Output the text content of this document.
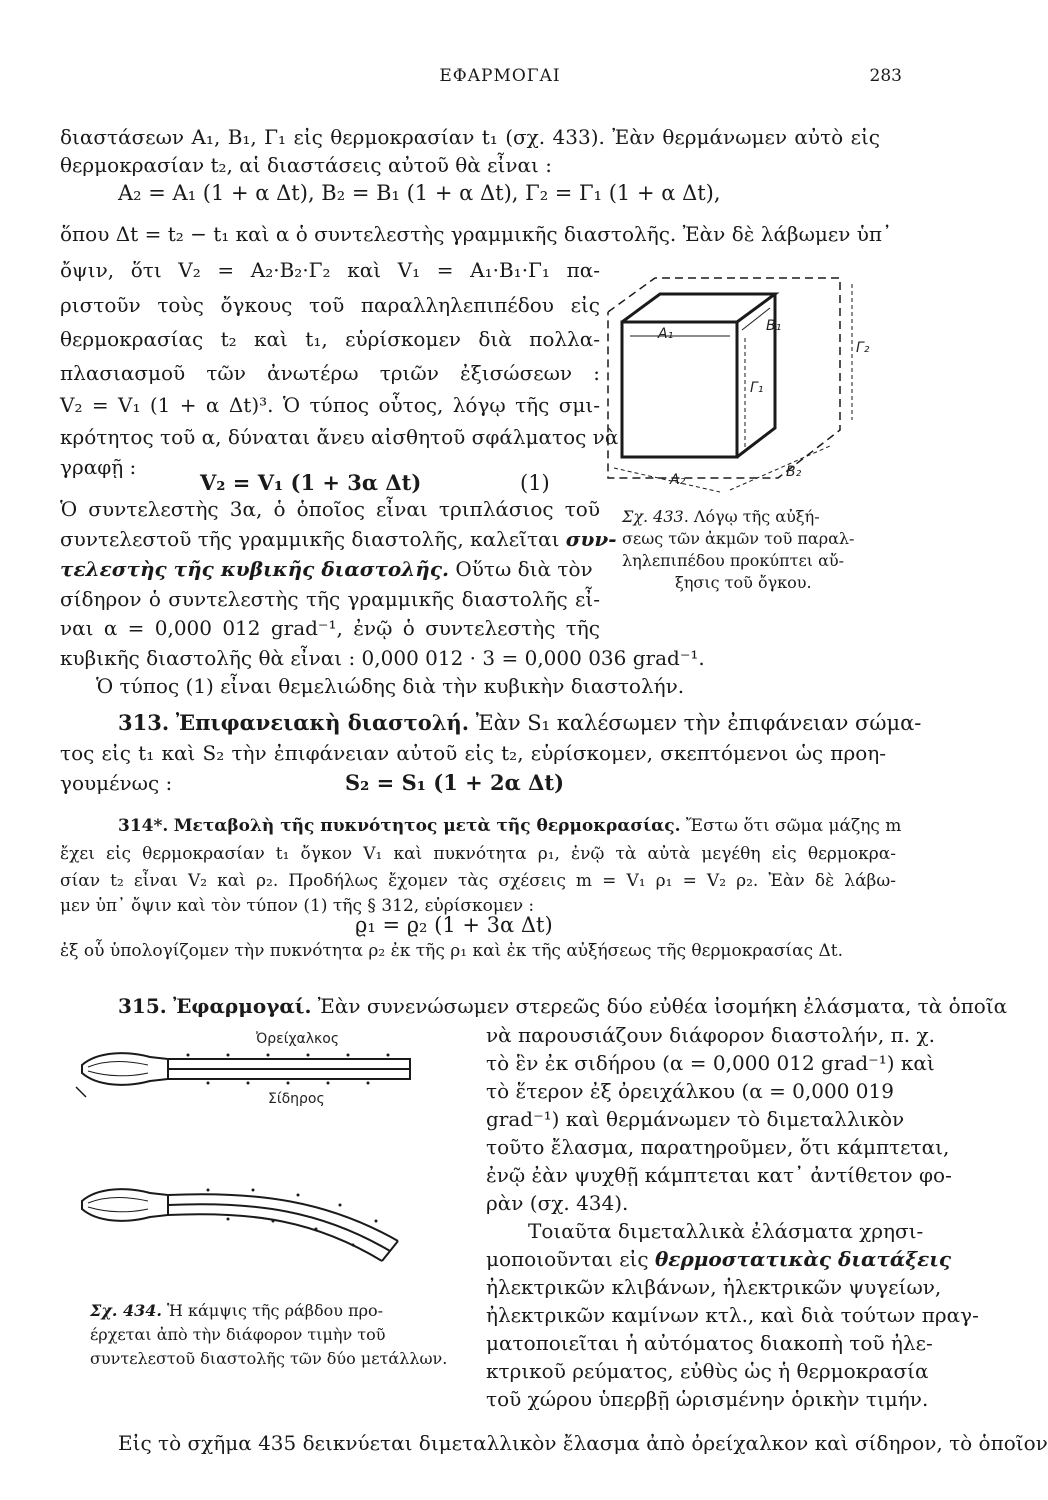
ΕΦΑΡΜΟΓΑΙ	283
διαστάσεων A₁, B₁, Γ₁ εἰς θερμοκρασίαν t₁ (σχ. 433). Ἐὰν θερμάνωμεν αὐτὸ εἰς
θερμοκρασίαν t₂, αἱ διαστάσεις αὐτοῦ θὰ εἶναι :
A₂ = A₁ (1 + α Δt), B₂ = B₁ (1 + α Δt), Γ₂ = Γ₁ (1 + α Δt),
ὅπου Δt = t₂ − t₁ καὶ α ὁ συντελεστὴς γραμμικῆς διαστολῆς. Ἐὰν δὲ λάβωμεν ὑπ᾿
ὄψιν, ὅτι V₂ = A₂·B₂·Γ₂ καὶ V₁ = A₁·B₁·Γ₁ πα-
ριστοῦν τοὺς ὄγκους τοῦ παραλληλεπιπέδου εἰς
θερμοκρασίας t₂ καὶ t₁, εὑρίσκομεν διὰ πολλα-
πλασιασμοῦ τῶν ἀνωτέρω τριῶν ἐξισώσεων :
V₂ = V₁ (1 + α Δt)³. Ὁ τύπος οὗτος, λόγῳ τῆς σμι-
κρότητος τοῦ α, δύναται ἄνευ αἰσθητοῦ σφάλματος νὰ
γραφῇ :
V₂ = V₁ (1 + 3α Δt)	(1)
Ὁ συντελεστὴς 3α, ὁ ὁποῖος εἶναι τριπλάσιος τοῦ
συντελεστοῦ τῆς γραμμικῆς διαστολῆς, καλεῖται συν-
τελεστὴς τῆς κυβικῆς διαστολῆς. Οὕτω διὰ τὸν
σίδηρον ὁ συντελεστὴς τῆς γραμμικῆς διαστολῆς εἶ-
ναι α = 0,000 012 grad⁻¹, ἐνῷ ὁ συντελεστὴς τῆς
κυβικῆς διαστολῆς θὰ εἶναι : 0,000 012 · 3 = 0,000 036 grad⁻¹.
Ὁ τύπος (1) εἶναι θεμελιώδης διὰ τὴν κυβικὴν διαστολήν.
A₁	B₁
Γ₁
Γ₂
A₂	B₂
Σχ. 433. Λόγῳ τῆς αὐξή-
σεως τῶν ἀκμῶν τοῦ παραλ-
ληλεπιπέδου προκύπτει αὔ-
ξησις τοῦ ὄγκου.
313. Ἐπιφανειακὴ διαστολή. Ἐὰν S₁ καλέσωμεν τὴν ἐπιφάνειαν σώμα-
τος εἰς t₁ καὶ S₂ τὴν ἐπιφάνειαν αὐτοῦ εἰς t₂, εὑρίσκομεν, σκεπτόμενοι ὡς προη-
γουμένως :	S₂ = S₁ (1 + 2α Δt)
314*. Μεταβολὴ τῆς πυκνότητος μετὰ τῆς θερμοκρασίας. Ἔστω ὅτι σῶμα μάζης m
ἔχει εἰς θερμοκρασίαν t₁ ὄγκον V₁ καὶ πυκνότητα ρ₁, ἐνῷ τὰ αὐτὰ μεγέθη εἰς θερμοκρα-
σίαν t₂ εἶναι V₂ καὶ ρ₂. Προδήλως ἔχομεν τὰς σχέσεις m = V₁ ρ₁ = V₂ ρ₂. Ἐὰν δὲ λάβω-
μεν ὑπ᾿ ὄψιν καὶ τὸν τύπον (1) τῆς § 312, εὑρίσκομεν :
ϱ₁ = ϱ₂ (1 + 3α Δt)
ἐξ οὗ ὑπολογίζομεν τὴν πυκνότητα ρ₂ ἐκ τῆς ρ₁ καὶ ἐκ τῆς αὐξήσεως τῆς θερμοκρασίας Δt.
315. Ἐφαρμογαί. Ἐὰν συνενώσωμεν στερεῶς δύο εὐθέα ἰσομήκη ἐλάσματα, τὰ ὁποῖα
νὰ παρουσιάζουν διάφορον διαστολήν, π. χ.
τὸ ἓν ἐκ σιδήρου (α = 0,000 012 grad⁻¹) καὶ
τὸ ἕτερον ἐξ ὀρειχάλκου (α = 0,000 019
grad⁻¹) καὶ θερμάνωμεν τὸ διμεταλλικὸν
τοῦτο ἔλασμα, παρατηροῦμεν, ὅτι κάμπτεται,
ἐνῷ ἐὰν ψυχθῇ κάμπτεται κατ᾿ ἀντίθετον φο-
ρὰν (σχ. 434).
Τοιαῦτα διμεταλλικὰ ἐλάσματα χρησι-
μοποιοῦνται εἰς θερμοστατικὰς διατάξεις
ἠλεκτρικῶν κλιβάνων, ἠλεκτρικῶν ψυγείων,
ἠλεκτρικῶν καμίνων κτλ., καὶ διὰ τούτων πραγ-
ματοποιεῖται ἡ αὐτόματος διακοπὴ τοῦ ἠλε-
κτρικοῦ ρεύματος, εὐθὺς ὡς ἡ θερμοκρασία
τοῦ χώρου ὑπερβῇ ὡρισμένην ὁρικὴν τιμήν.
Εἰς τὸ σχῆμα 435 δεικνύεται διμεταλλικὸν ἔλασμα ἀπὸ ὀρείχαλκον καὶ σίδηρον, τὸ ὁποῖον
Ὀρείχαλκος
Σίδηρος
Σχ. 434. Ἡ κάμψις τῆς ράβδου προ-
έρχεται ἀπὸ τὴν διάφορον τιμὴν τοῦ
συντελεστοῦ διαστολῆς τῶν δύο μετάλλων.
